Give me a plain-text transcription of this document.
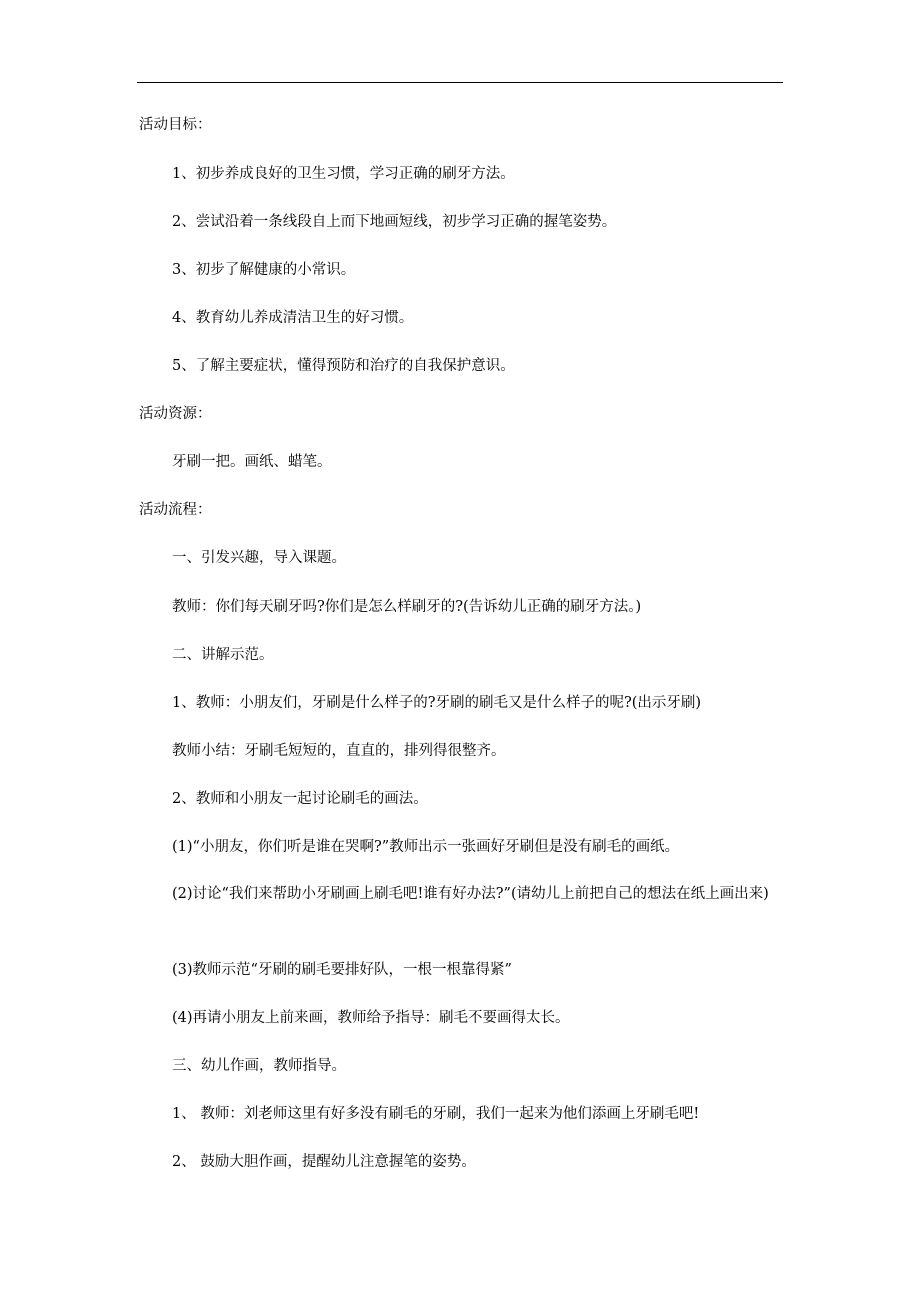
活动目标：
1、初步养成良好的卫生习惯，学习正确的刷牙方法。
2、尝试沿着一条线段自上而下地画短线，初步学习正确的握笔姿势。
3、初步了解健康的小常识。
4、教育幼儿养成清洁卫生的好习惯。
5、了解主要症状，懂得预防和治疗的自我保护意识。
活动资源：
牙刷一把。画纸、蜡笔。
活动流程：
一、引发兴趣，导入课题。
教师：你们每天刷牙吗?你们是怎么样刷牙的?(告诉幼儿正确的刷牙方法。)
二、讲解示范。
1、教师：小朋友们，牙刷是什么样子的?牙刷的刷毛又是什么样子的呢?(出示牙刷)
教师小结：牙刷毛短短的，直直的，排列得很整齐。
2、教师和小朋友一起讨论刷毛的画法。
(1)“小朋友，你们听是谁在哭啊?”教师出示一张画好牙刷但是没有刷毛的画纸。
(2)讨论“我们来帮助小牙刷画上刷毛吧!谁有好办法?”(请幼儿上前把自己的想法在纸上画出来)
(3)教师示范“牙刷的刷毛要排好队，一根一根靠得紧”
(4)再请小朋友上前来画，教师给予指导：刷毛不要画得太长。
三、幼儿作画，教师指导。
1、 教师：刘老师这里有好多没有刷毛的牙刷，我们一起来为他们添画上牙刷毛吧!
2、 鼓励大胆作画，提醒幼儿注意握笔的姿势。
